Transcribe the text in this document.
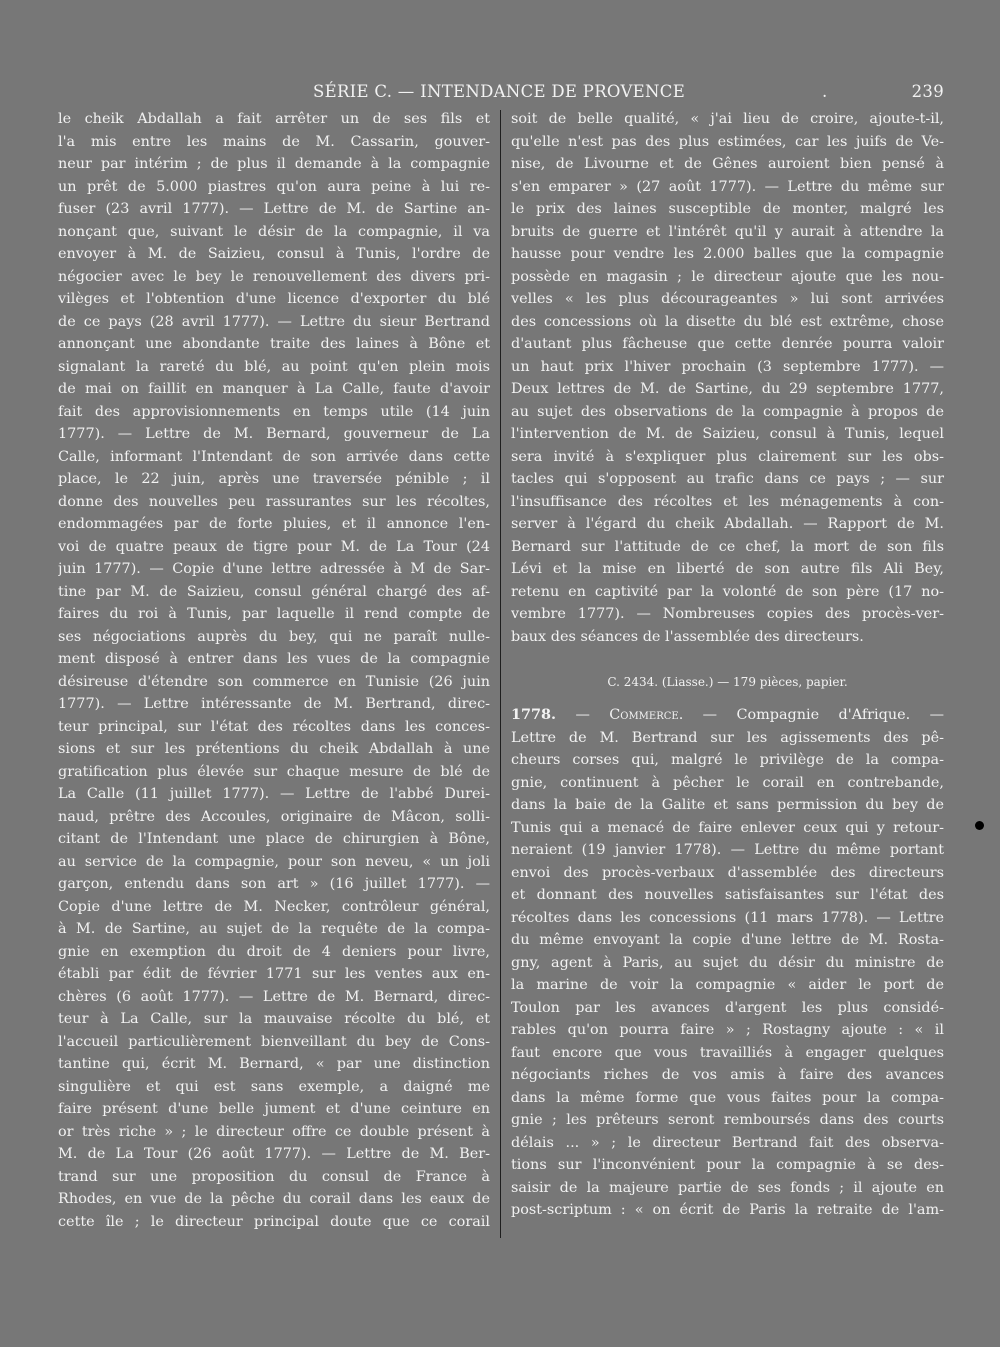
SÉRIE C. — INTENDANCE DE PROVENCE	.	239
le cheik Abdallah a fait arrêter un de ses fils et
l'a mis entre les mains de M. Cassarin, gouver-
neur par intérim ; de plus il demande à la compagnie
un prêt de 5.000 piastres qu'on aura peine à lui re-
fuser (23 avril 1777). — Lettre de M. de Sartine an-
nonçant que, suivant le désir de la compagnie, il va
envoyer à M. de Saizieu, consul à Tunis, l'ordre de
négocier avec le bey le renouvellement des divers pri-
vilèges et l'obtention d'une licence d'exporter du blé
de ce pays (28 avril 1777). — Lettre du sieur Bertrand
annonçant une abondante traite des laines à Bône et
signalant la rareté du blé, au point qu'en plein mois
de mai on faillit en manquer à La Calle, faute d'avoir
fait des approvisionnements en temps utile (14 juin
1777). — Lettre de M. Bernard, gouverneur de La
Calle, informant l'Intendant de son arrivée dans cette
place, le 22 juin, après une traversée pénible ; il
donne des nouvelles peu rassurantes sur les récoltes,
endommagées par de forte pluies, et il annonce l'en-
voi de quatre peaux de tigre pour M. de La Tour (24
juin 1777). — Copie d'une lettre adressée à M de Sar-
tine par M. de Saizieu, consul général chargé des af-
faires du roi à Tunis, par laquelle il rend compte de
ses négociations auprès du bey, qui ne paraît nulle-
ment disposé à entrer dans les vues de la compagnie
désireuse d'étendre son commerce en Tunisie (26 juin
1777). — Lettre intéressante de M. Bertrand, direc-
teur principal, sur l'état des récoltes dans les conces-
sions et sur les prétentions du cheik Abdallah à une
gratification plus élevée sur chaque mesure de blé de
La Calle (11 juillet 1777). — Lettre de l'abbé Durei-
naud, prêtre des Accoules, originaire de Mâcon, solli-
citant de l'Intendant une place de chirurgien à Bône,
au service de la compagnie, pour son neveu, « un joli
garçon, entendu dans son art » (16 juillet 1777). —
Copie d'une lettre de M. Necker, contrôleur général,
à M. de Sartine, au sujet de la requête de la compa-
gnie en exemption du droit de 4 deniers pour livre,
établi par édit de février 1771 sur les ventes aux en-
chères (6 août 1777). — Lettre de M. Bernard, direc-
teur à La Calle, sur la mauvaise récolte du blé, et
l'accueil particulièrement bienveillant du bey de Cons-
tantine qui, écrit M. Bernard, « par une distinction
singulière et qui est sans exemple, a daigné me
faire présent d'une belle jument et d'une ceinture en
or très riche » ; le directeur offre ce double présent à
M. de La Tour (26 août 1777). — Lettre de M. Ber-
trand sur une proposition du consul de France à
Rhodes, en vue de la pêche du corail dans les eaux de
cette île ; le directeur principal doute que ce corail
soit de belle qualité, « j'ai lieu de croire, ajoute-t-il,
qu'elle n'est pas des plus estimées, car les juifs de Ve-
nise, de Livourne et de Gênes auroient bien pensé à
s'en emparer » (27 août 1777). — Lettre du même sur
le prix des laines susceptible de monter, malgré les
bruits de guerre et l'intérêt qu'il y aurait à attendre la
hausse pour vendre les 2.000 balles que la compagnie
possède en magasin ; le directeur ajoute que les nou-
velles « les plus décourageantes » lui sont arrivées
des concessions où la disette du blé est extrême, chose
d'autant plus fâcheuse que cette denrée pourra valoir
un haut prix l'hiver prochain (3 septembre 1777). —
Deux lettres de M. de Sartine, du 29 septembre 1777,
au sujet des observations de la compagnie à propos de
l'intervention de M. de Saizieu, consul à Tunis, lequel
sera invité à s'expliquer plus clairement sur les obs-
tacles qui s'opposent au trafic dans ce pays ; — sur
l'insuffisance des récoltes et les ménagements à con-
server à l'égard du cheik Abdallah. — Rapport de M.
Bernard sur l'attitude de ce chef, la mort de son fils
Lévi et la mise en liberté de son autre fils Ali Bey,
retenu en captivité par la volonté de son père (17 no-
vembre 1777). — Nombreuses copies des procès-ver-
baux des séances de l'assemblée des directeurs.
C. 2434. (Liasse.) — 179 pièces, papier.
1778. — Commerce. — Compagnie d'Afrique. —
Lettre de M. Bertrand sur les agissements des pê-
cheurs corses qui, malgré le privilège de la compa-
gnie, continuent à pêcher le corail en contrebande,
dans la baie de la Galite et sans permission du bey de
Tunis qui a menacé de faire enlever ceux qui y retour-
neraient (19 janvier 1778). — Lettre du même portant
envoi des procès-verbaux d'assemblée des directeurs
et donnant des nouvelles satisfaisantes sur l'état des
récoltes dans les concessions (11 mars 1778). — Lettre
du même envoyant la copie d'une lettre de M. Rosta-
gny, agent à Paris, au sujet du désir du ministre de
la marine de voir la compagnie « aider le port de
Toulon par les avances d'argent les plus considé-
rables qu'on pourra faire » ; Rostagny ajoute : « il
faut encore que vous travailliés à engager quelques
négociants riches de vos amis à faire des avances
dans la même forme que vous faites pour la compa-
gnie ; les prêteurs seront remboursés dans des courts
délais ... » ; le directeur Bertrand fait des observa-
tions sur l'inconvénient pour la compagnie à se des-
saisir de la majeure partie de ses fonds ; il ajoute en
post-scriptum : « on écrit de Paris la retraite de l'am-
